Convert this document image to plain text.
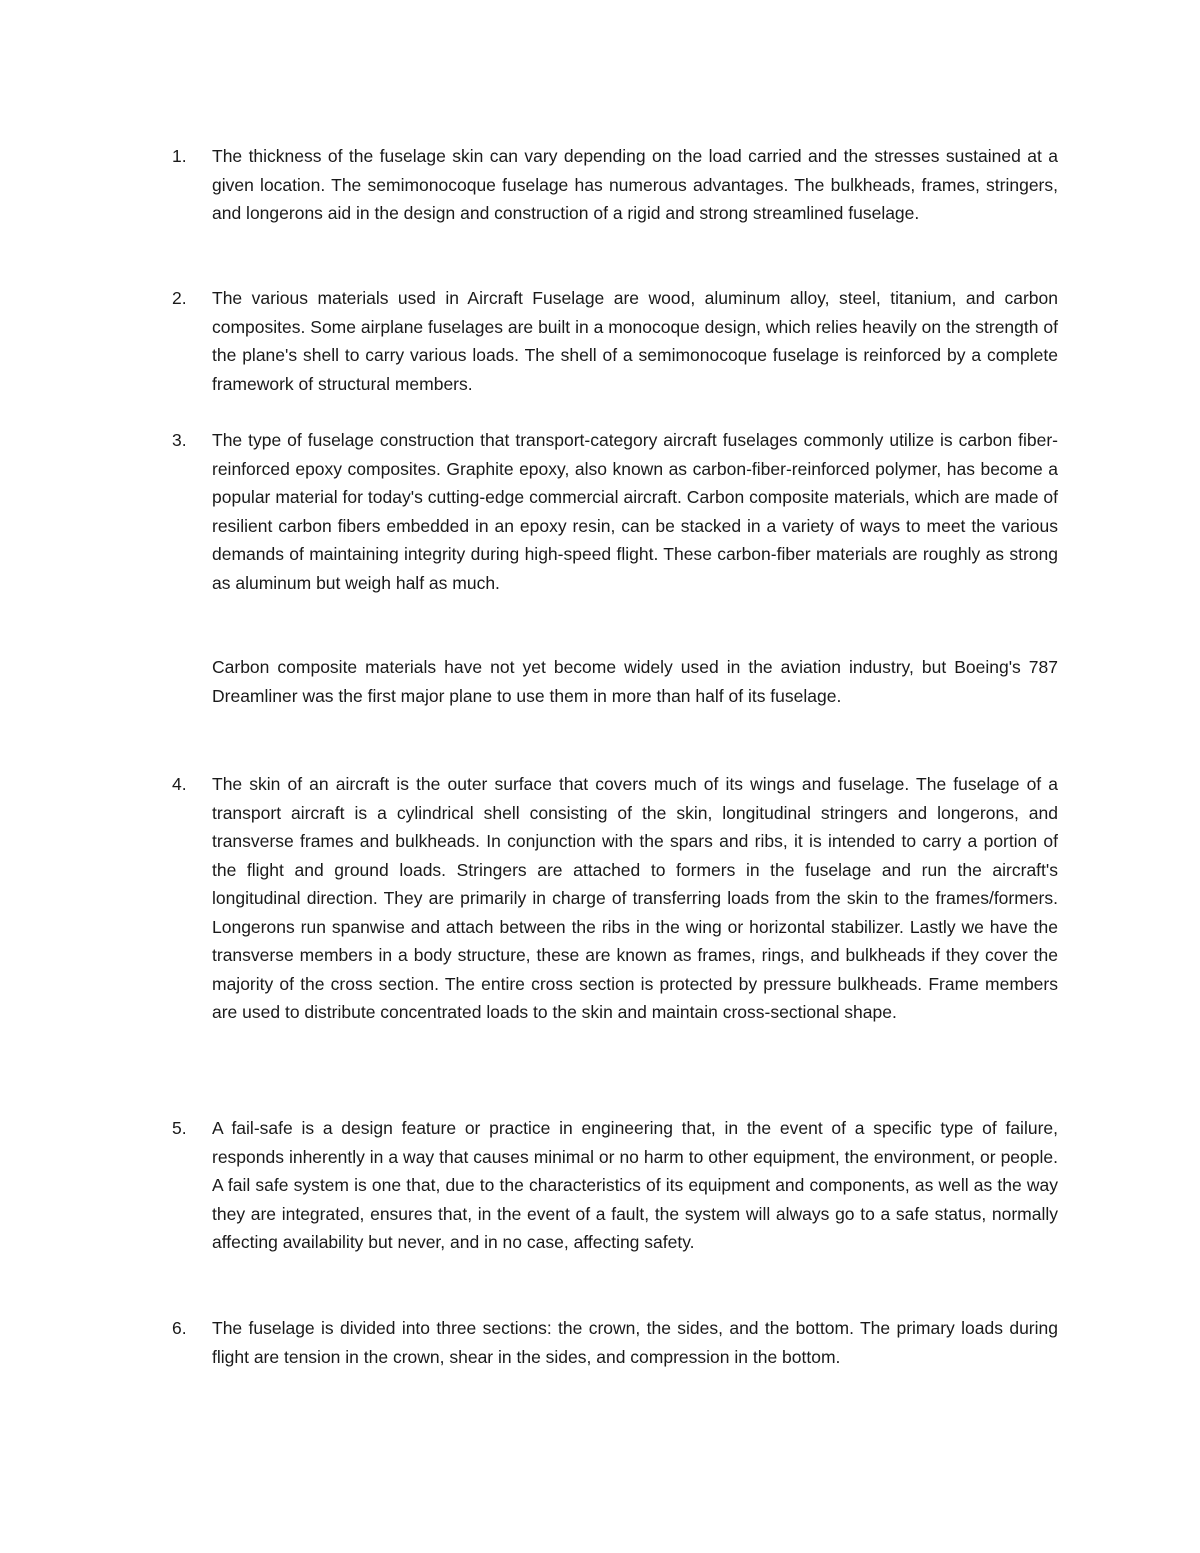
1.	The thickness of the fuselage skin can vary depending on the load carried and the stresses sustained at a given location. The semimonocoque fuselage has numerous advantages. The bulkheads, frames, stringers, and longerons aid in the design and construction of a rigid and strong streamlined fuselage.

2.	The various materials used in Aircraft Fuselage are wood, aluminum alloy, steel, titanium, and carbon composites. Some airplane fuselages are built in a monocoque design, which relies heavily on the strength of the plane's shell to carry various loads. The shell of a semimonocoque fuselage is reinforced by a complete framework of structural members.

3.	The type of fuselage construction that transport-category aircraft fuselages commonly utilize is carbon fiber-reinforced epoxy composites. Graphite epoxy, also known as carbon-fiber-reinforced polymer, has become a popular material for today's cutting-edge commercial aircraft. Carbon composite materials, which are made of resilient carbon fibers embedded in an epoxy resin, can be stacked in a variety of ways to meet the various demands of maintaining integrity during high-speed flight. These carbon-fiber materials are roughly as strong as aluminum but weigh half as much.

Carbon composite materials have not yet become widely used in the aviation industry, but Boeing's 787 Dreamliner was the first major plane to use them in more than half of its fuselage.

4.	The skin of an aircraft is the outer surface that covers much of its wings and fuselage. The fuselage of a transport aircraft is a cylindrical shell consisting of the skin, longitudinal stringers and longerons, and transverse frames and bulkheads. In conjunction with the spars and ribs, it is intended to carry a portion of the flight and ground loads. Stringers are attached to formers in the fuselage and run the aircraft's longitudinal direction. They are primarily in charge of transferring loads from the skin to the frames/formers. Longerons run spanwise and attach between the ribs in the wing or horizontal stabilizer. Lastly we have the transverse members in a body structure, these are known as frames, rings, and bulkheads if they cover the majority of the cross section. The entire cross section is protected by pressure bulkheads. Frame members are used to distribute concentrated loads to the skin and maintain cross-sectional shape.

5.	A fail-safe is a design feature or practice in engineering that, in the event of a specific type of failure, responds inherently in a way that causes minimal or no harm to other equipment, the environment, or people. A fail safe system is one that, due to the characteristics of its equipment and components, as well as the way they are integrated, ensures that, in the event of a fault, the system will always go to a safe status, normally affecting availability but never, and in no case, affecting safety.

6.	The fuselage is divided into three sections: the crown, the sides, and the bottom. The primary loads during flight are tension in the crown, shear in the sides, and compression in the bottom.
